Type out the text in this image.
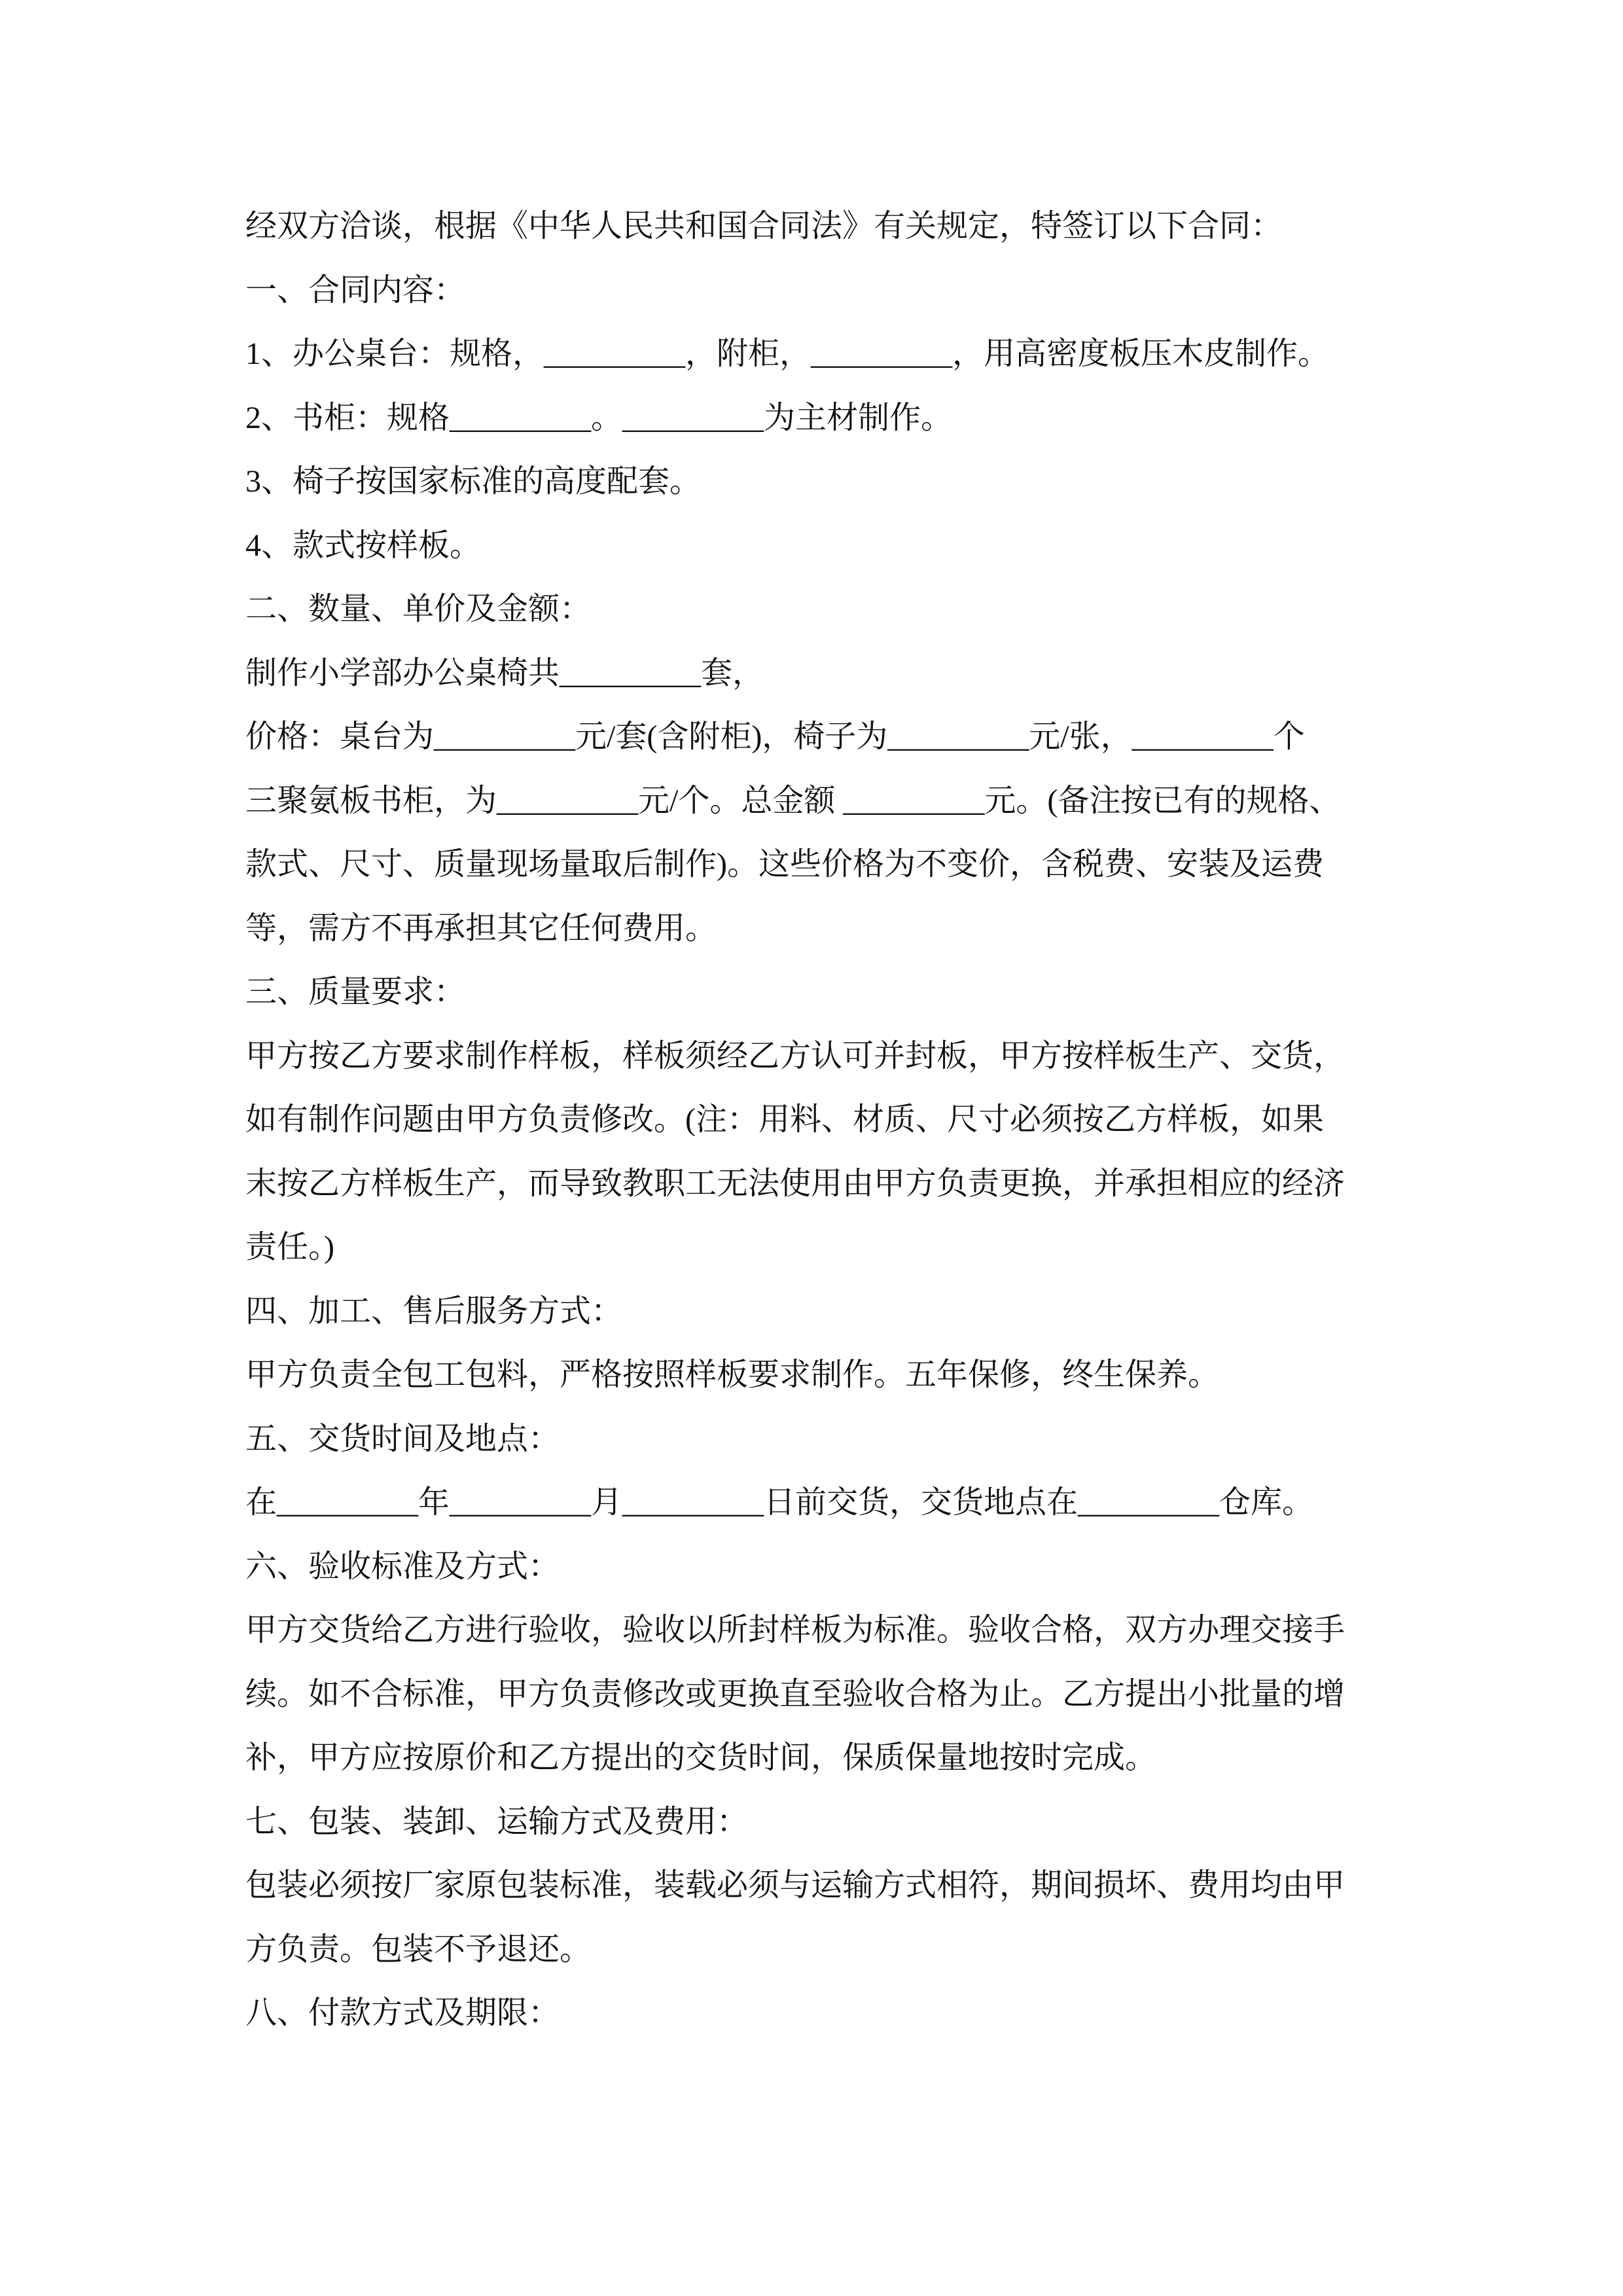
经双方洽谈，根据《中华人民共和国合同法》有关规定，特签订以下合同：
一、合同内容：
1、办公桌台：规格，_________，附柜，_________，用高密度板压木皮制作。
2、书柜：规格_________。_________为主材制作。
3、椅子按国家标准的高度配套。
4、款式按样板。
二、数量、单价及金额：
制作小学部办公桌椅共_________套，
价格：桌台为_________元/套(含附柜)，椅子为_________元/张，_________个
三聚氨板书柜，为_________元/个。总金额 _________元。(备注按已有的规格、
款式、尺寸、质量现场量取后制作)。这些价格为不变价，含税费、安装及运费
等，需方不再承担其它任何费用。
三、质量要求：
甲方按乙方要求制作样板，样板须经乙方认可并封板，甲方按样板生产、交货，
如有制作问题由甲方负责修改。(注：用料、材质、尺寸必须按乙方样板，如果
末按乙方样板生产，而导致教职工无法使用由甲方负责更换，并承担相应的经济
责任。)
四、加工、售后服务方式：
甲方负责全包工包料，严格按照样板要求制作。五年保修，终生保养。
五、交货时间及地点：
在_________年_________月_________日前交货，交货地点在_________仓库。
六、验收标准及方式：
甲方交货给乙方进行验收，验收以所封样板为标准。验收合格，双方办理交接手
续。如不合标准，甲方负责修改或更换直至验收合格为止。乙方提出小批量的增
补，甲方应按原价和乙方提出的交货时间，保质保量地按时完成。
七、包装、装卸、运输方式及费用：
包装必须按厂家原包装标准，装载必须与运输方式相符，期间损坏、费用均由甲
方负责。包装不予退还。
八、付款方式及期限：
